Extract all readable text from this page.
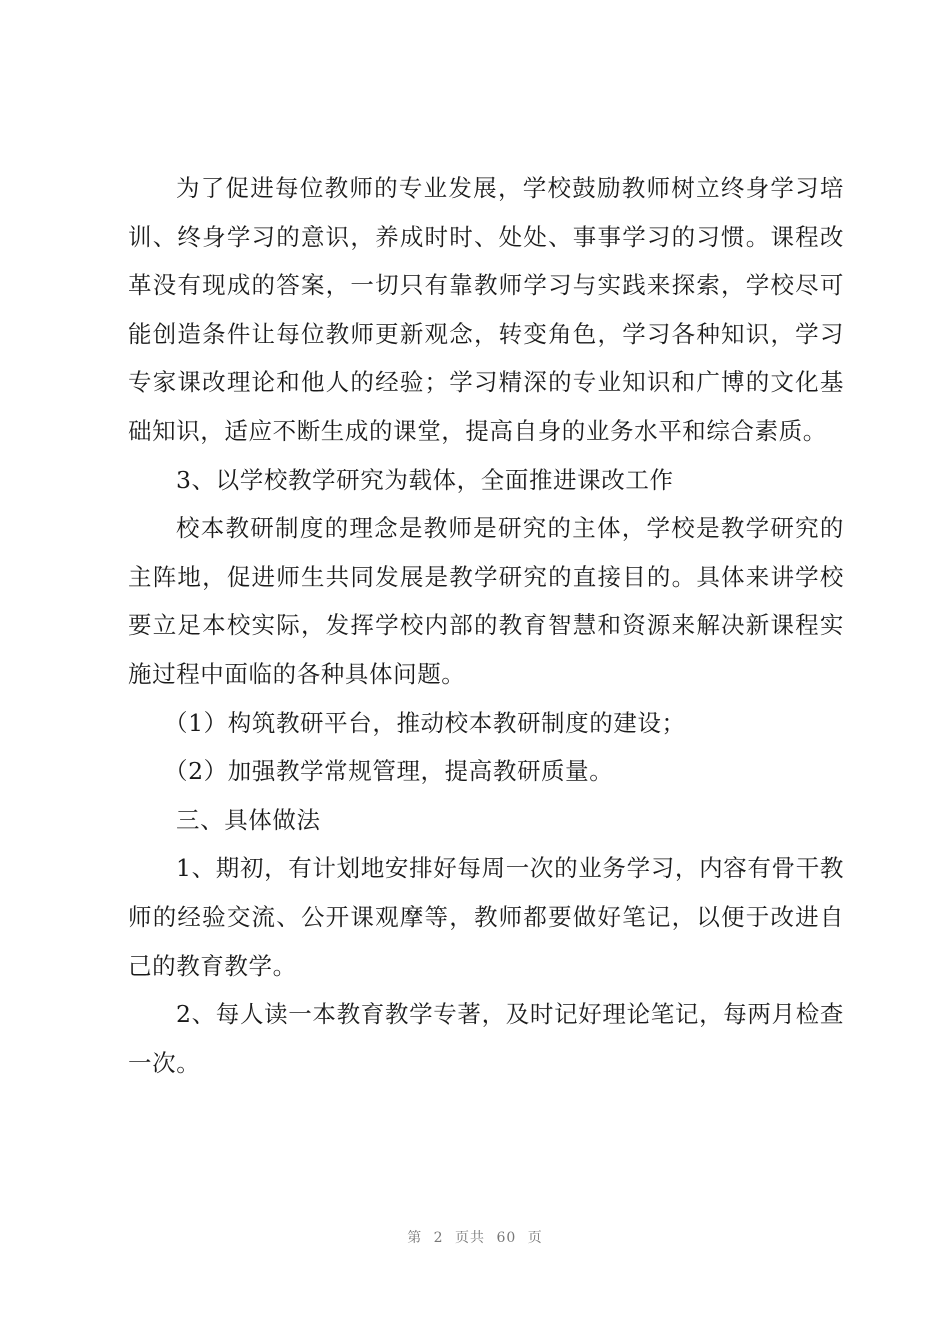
为了促进每位教师的专业发展，学校鼓励教师树立终身学习培训、终身学习的意识，养成时时、处处、事事学习的习惯。课程改革没有现成的答案，一切只有靠教师学习与实践来探索，学校尽可能创造条件让每位教师更新观念，转变角色，学习各种知识，学习专家课改理论和他人的经验；学习精深的专业知识和广博的文化基础知识，适应不断生成的课堂，提高自身的业务水平和综合素质。

3、以学校教学研究为载体，全面推进课改工作

校本教研制度的理念是教师是研究的主体，学校是教学研究的主阵地，促进师生共同发展是教学研究的直接目的。具体来讲学校要立足本校实际，发挥学校内部的教育智慧和资源来解决新课程实施过程中面临的各种具体问题。

（1）构筑教研平台，推动校本教研制度的建设；

（2）加强教学常规管理，提高教研质量。

三、具体做法

1、期初，有计划地安排好每周一次的业务学习，内容有骨干教师的经验交流、公开课观摩等，教师都要做好笔记，以便于改进自己的教育教学。

2、每人读一本教育教学专著，及时记好理论笔记，每两月检查一次。

第 2 页共 60 页
